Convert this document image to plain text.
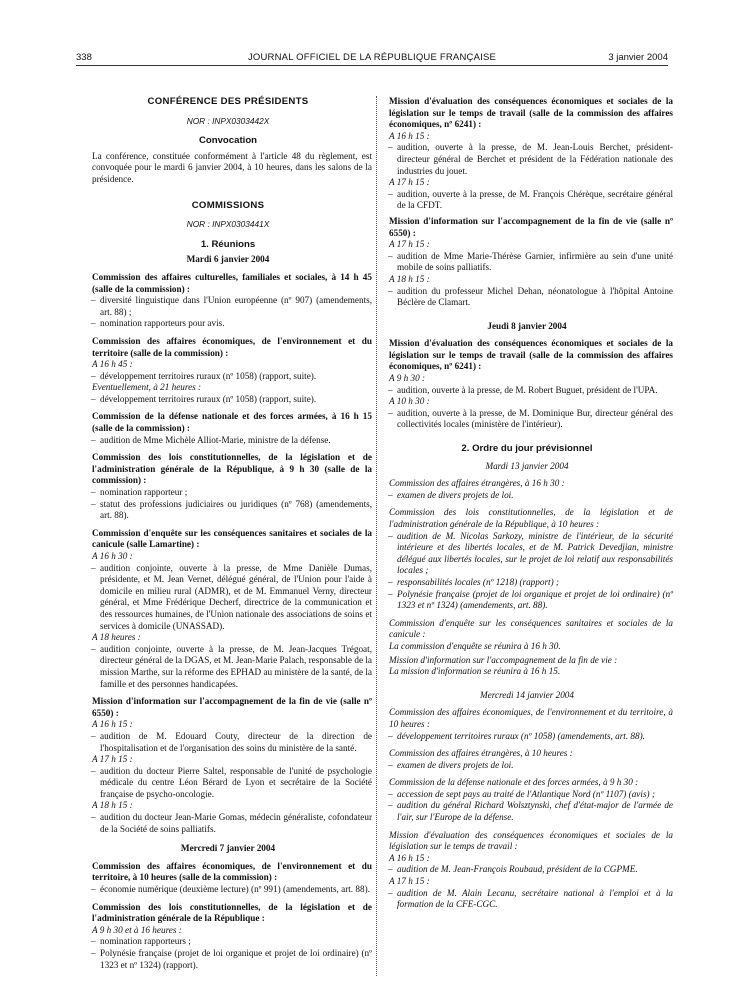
338	JOURNAL OFFICIEL DE LA RÉPUBLIQUE FRANÇAISE	3 janvier 2004

CONFÉRENCE DES PRÉSIDENTS

NOR : INPX0303442X

Convocation

La conférence, constituée conformément à l'article 48 du règlement, est convoquée pour le mardi 6 janvier 2004, à 10 heures, dans les salons de la présidence.

COMMISSIONS

NOR : INPX0303441X

1. Réunions

Mardi 6 janvier 2004

Commission des affaires culturelles, familiales et sociales, à 14 h 45 (salle de la commission) :

– diversité linguistique dans l'Union européenne (nº 907) (amendements, art. 88) ;

– nomination rapporteurs pour avis.

Commission des affaires économiques, de l'environnement et du territoire (salle de la commission) :

A 16 h 45 :

– développement territoires ruraux (nº 1058) (rapport, suite).

Eventuellement, à 21 heures :

– développement territoires ruraux (nº 1058) (rapport, suite).

Commission de la défense nationale et des forces armées, à 16 h 15 (salle de la commission) :

– audition de Mme Michèle Alliot-Marie, ministre de la défense.

Commission des lois constitutionnelles, de la législation et de l'administration générale de la République, à 9 h 30 (salle de la commission) :

– nomination rapporteur ;

– statut des professions judiciaires ou juridiques (nº 768) (amendements, art. 88).

Commission d'enquête sur les conséquences sanitaires et sociales de la canicule (salle Lamartine) :

A 16 h 30 :

– audition conjointe, ouverte à la presse, de Mme Danièle Dumas, présidente, et M. Jean Vernet, délégué général, de l'Union pour l'aide à domicile en milieu rural (ADMR), et de M. Emmanuel Verny, directeur général, et Mme Frédérique Decherf, directrice de la communication et des ressources humaines, de l'Union nationale des associations de soins et services à domicile (UNASSAD).

A 18 heures :

– audition conjointe, ouverte à la presse, de M. Jean-Jacques Trégoat, directeur général de la DGAS, et M. Jean-Marie Palach, responsable de la mission Marthe, sur la réforme des EPHAD au ministère de la santé, de la famille et des personnes handicapées.

Mission d'information sur l'accompagnement de la fin de vie (salle nº 6550) :

A 16 h 15 :

– audition de M. Edouard Couty, directeur de la direction de l'hospitalisation et de l'organisation des soins du ministère de la santé.

A 17 h 15 :

– audition du docteur Pierre Saltel, responsable de l'unité de psychologie médicale du centre Léon Bérard de Lyon et secrétaire de la Société française de psycho-oncologie.

A 18 h 15 :

– audition du docteur Jean-Marie Gomas, médecin généraliste, cofondateur de la Société de soins palliatifs.

Mercredi 7 janvier 2004

Commission des affaires économiques, de l'environnement et du territoire, à 10 heures (salle de la commission) :

– économie numérique (deuxième lecture) (nº 991) (amendements, art. 88).

Commission des lois constitutionnelles, de la législation et de l'administration générale de la République :

A 9 h 30 et à 16 heures :

– nomination rapporteurs ;

– Polynésie française (projet de loi organique et projet de loi ordinaire) (nº 1323 et nº 1324) (rapport).

Mission d'évaluation des conséquences économiques et sociales de la législation sur le temps de travail (salle de la commission des affaires économiques, nº 6241) :

A 16 h 15 :

– audition, ouverte à la presse, de M. Jean-Louis Berchet, président-directeur général de Berchet et président de la Fédération nationale des industries du jouet.

A 17 h 15 :

– audition, ouverte à la presse, de M. François Chérèque, secrétaire général de la CFDT.

Mission d'information sur l'accompagnement de la fin de vie (salle nº 6550) :

A 17 h 15 :

– audition de Mme Marie-Thérèse Garnier, infirmière au sein d'une unité mobile de soins palliatifs.

A 18 h 15 :

– audition du professeur Michel Dehan, néonatologue à l'hôpital Antoine Béclère de Clamart.

Jeudi 8 janvier 2004

Mission d'évaluation des conséquences économiques et sociales de la législation sur le temps de travail (salle de la commission des affaires économiques, nº 6241) :

A 9 h 30 :

– audition, ouverte à la presse, de M. Robert Buguet, président de l'UPA.

A 10 h 30 :

– audition, ouverte à la presse, de M. Dominique Bur, directeur général des collectivités locales (ministère de l'intérieur).

2. Ordre du jour prévisionnel

Mardi 13 janvier 2004

Commission des affaires étrangères, à 16 h 30 :

– examen de divers projets de loi.

Commission des lois constitutionnelles, de la législation et de l'administration générale de la République, à 10 heures :

– audition de M. Nicolas Sarkozy, ministre de l'intérieur, de la sécurité intérieure et des libertés locales, et de M. Patrick Devedjian, ministre délégué aux libertés locales, sur le projet de loi relatif aux responsabilités locales ;

– responsabilités locales (nº 1218) (rapport) ;

– Polynésie française (projet de loi organique et projet de loi ordinaire) (nº 1323 et nº 1324) (amendements, art. 88).

Commission d'enquête sur les conséquences sanitaires et sociales de la canicule :

La commission d'enquête se réunira à 16 h 30.

Mission d'information sur l'accompagnement de la fin de vie :

La mission d'information se réunira à 16 h 15.

Mercredi 14 janvier 2004

Commission des affaires économiques, de l'environnement et du territoire, à 10 heures :

– développement territoires ruraux (nº 1058) (amendements, art. 88).

Commission des affaires étrangères, à 10 heures :

– examen de divers projets de loi.

Commission de la défense nationale et des forces armées, à 9 h 30 :

– accession de sept pays au traité de l'Atlantique Nord (nº 1107) (avis) ;

– audition du général Richard Wolsztynski, chef d'état-major de l'armée de l'air, sur l'Europe de la défense.

Mission d'évaluation des conséquences économiques et sociales de la législation sur le temps de travail :

A 16 h 15 :

– audition de M. Jean-François Roubaud, président de la CGPME.

A 17 h 15 :

– audition de M. Alain Lecanu, secrétaire national à l'emploi et à la formation de la CFE-CGC.
